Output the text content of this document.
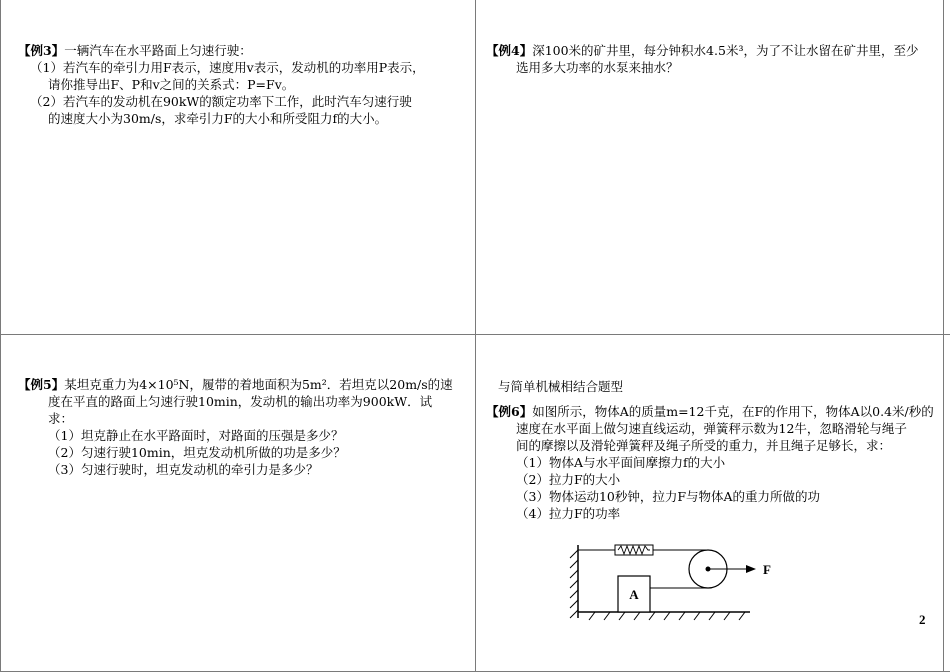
【例3】一辆汽车在水平路面上匀速行驶：

（1）若汽车的牵引力用F表示，速度用v表示，发动机的功率用P表示，

请你推导出F、P和v之间的关系式：P=Fv。

（2）若汽车的发动机在90kW的额定功率下工作，此时汽车匀速行驶

的速度大小为30m/s，求牵引力F的大小和所受阻力f的大小。

【例4】深100米的矿井里，每分钟积水4.5米³，为了不让水留在矿井里，至少

选用多大功率的水泵来抽水？

【例5】某坦克重力为4×10⁵N，履带的着地面积为5m²．若坦克以20m/s的速

度在平直的路面上匀速行驶10min，发动机的输出功率为900kW．试

求：

（1）坦克静止在水平路面时，对路面的压强是多少？

（2）匀速行驶10min，坦克发动机所做的功是多少？

（3）匀速行驶时，坦克发动机的牵引力是多少？

与简单机械相结合题型

【例6】如图所示，物体A的质量m=12千克，在F的作用下，物体A以0.4米/秒的

速度在水平面上做匀速直线运动，弹簧秤示数为12牛，忽略滑轮与绳子

间的摩擦以及滑轮弹簧秤及绳子所受的重力，并且绳子足够长，求：

（1）物体A与水平面间摩擦力f的大小

（2）拉力F的大小

（3）物体运动10秒钟，拉力F与物体A的重力所做的功

（4）拉力F的功率

A
F
2
